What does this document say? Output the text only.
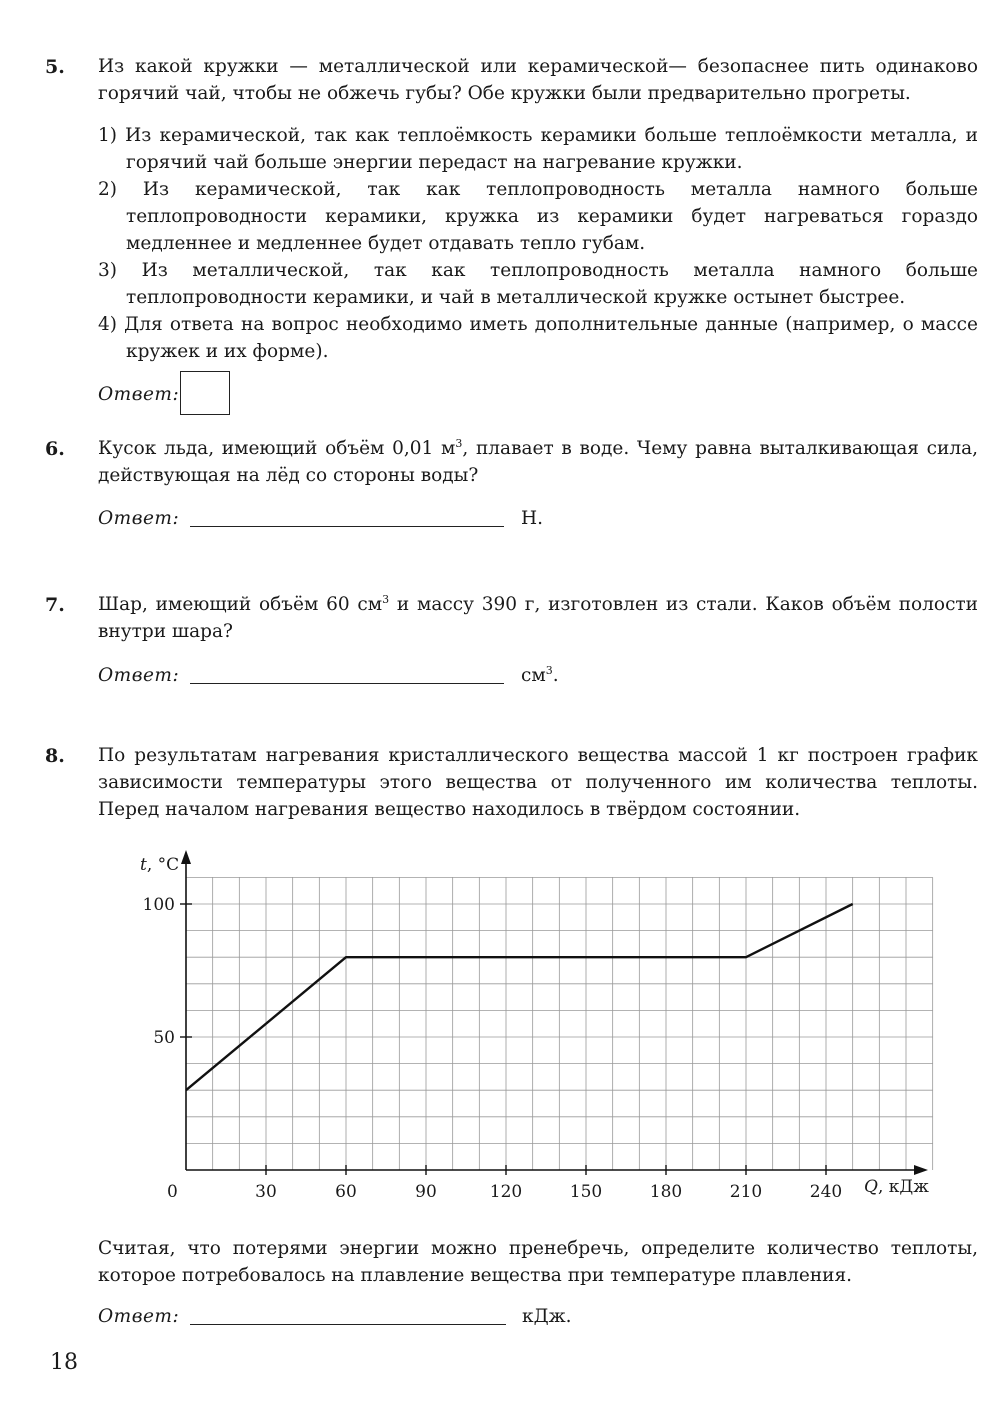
5. Из какой кружки — металлической или керамической— безопаснее пить одинаково горячий чай, чтобы не обжечь губы? Обе кружки были предварительно прогреты.

1) Из керамической, так как теплоёмкость керамики больше теплоёмкости металла, и горячий чай больше энергии передаст на нагревание кружки.

2) Из керамической, так как теплопроводность металла намного больше теплопроводности керамики, кружка из керамики будет нагреваться гораздо медленнее и медленнее будет отдавать тепло губам.

3) Из металлической, так как теплопроводность металла намного больше теплопроводности керамики, и чай в металлической кружке остынет быстрее.

4) Для ответа на вопрос необходимо иметь дополнительные данные (например, о массе кружек и их форме).

Ответ:
6. Кусок льда, имеющий объём 0,01 $м^3$, плавает в воде. Чему равна выталкивающая сила, действующая на лёд со стороны воды?
Ответ:	Н.
7. Шар, имеющий объём 60 $см^3$ и массу 390 г, изготовлен из стали. Каков объём полости внутри шара?
Ответ:	$см^3$.
8. По результатам нагревания кристаллического вещества массой 1 кг построен график зависимости температуры этого вещества от полученного им количества теплоты. Перед началом нагревания вещество находилось в твёрдом состоянии.
30	60	90	120	150	180	210	240
50
100
t, °C
Q, кДж
0
Считая, что потерями энергии можно пренебречь, определите количество теплоты, которое потребовалось на плавление вещества при температуре плавления.
Ответ:	кДж.
18
